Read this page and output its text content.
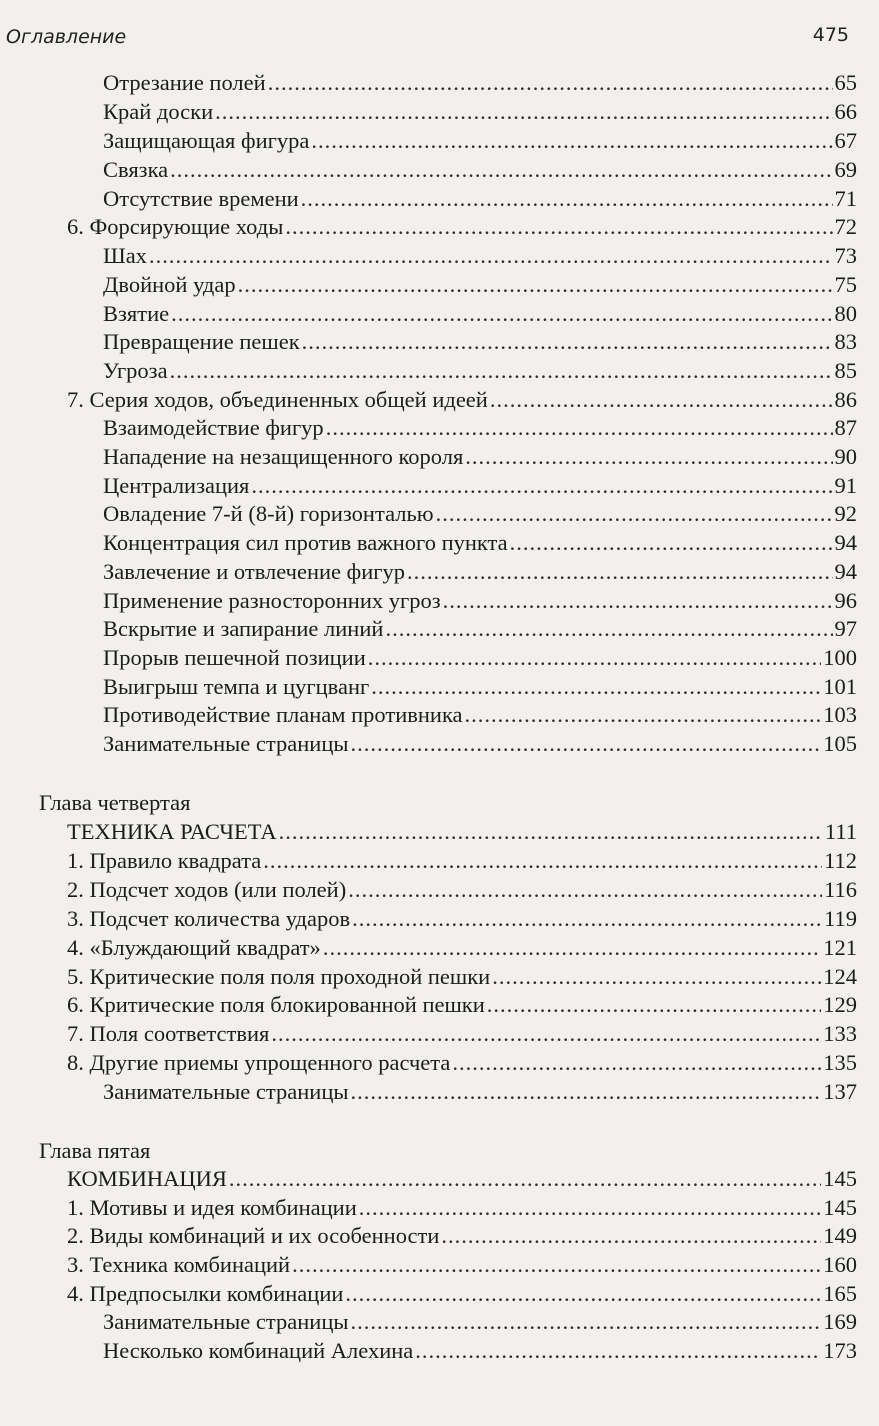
Оглавление	475
Отрезание полей .....	65
Край доски .....	66
Защищающая фигура .....	67
Связка .....	69
Отсутствие времени .....	71
6. Форсирующие ходы .....	72
Шах .....	73
Двойной удар .....	75
Взятие .....	80
Превращение пешек .....	83
Угроза .....	85
7. Серия ходов, объединенных общей идеей .....	86
Взаимодействие фигур .....	87
Нападение на незащищенного короля .....	90
Централизация .....	91
Овладение 7-й (8-й) горизонталью .....	92
Концентрация сил против важного пункта .....	94
Завлечение и отвлечение фигур .....	94
Применение разносторонних угроз .....	96
Вскрытие и запирание линий .....	97
Прорыв пешечной позиции .....	100
Выигрыш темпа и цугцванг .....	101
Противодействие планам противника .....	103
Занимательные страницы .....	105
Глава четвертая
ТЕХНИКА РАСЧЕТА .....	111
1. Правило квадрата .....	112
2. Подсчет ходов (или полей) .....	116
3. Подсчет количества ударов .....	119
4. «Блуждающий квадрат» .....	121
5. Критические поля поля проходной пешки .....	124
6. Критические поля блокированной пешки .....	129
7. Поля соответствия .....	133
8. Другие приемы упрощенного расчета .....	135
Занимательные страницы .....	137
Глава пятая
КОМБИНАЦИЯ .....	145
1. Мотивы и идея комбинации .....	145
2. Виды комбинаций и их особенности .....	149
3. Техника комбинаций .....	160
4. Предпосылки комбинации .....	165
Занимательные страницы .....	169
Несколько комбинаций Алехина .....	173
